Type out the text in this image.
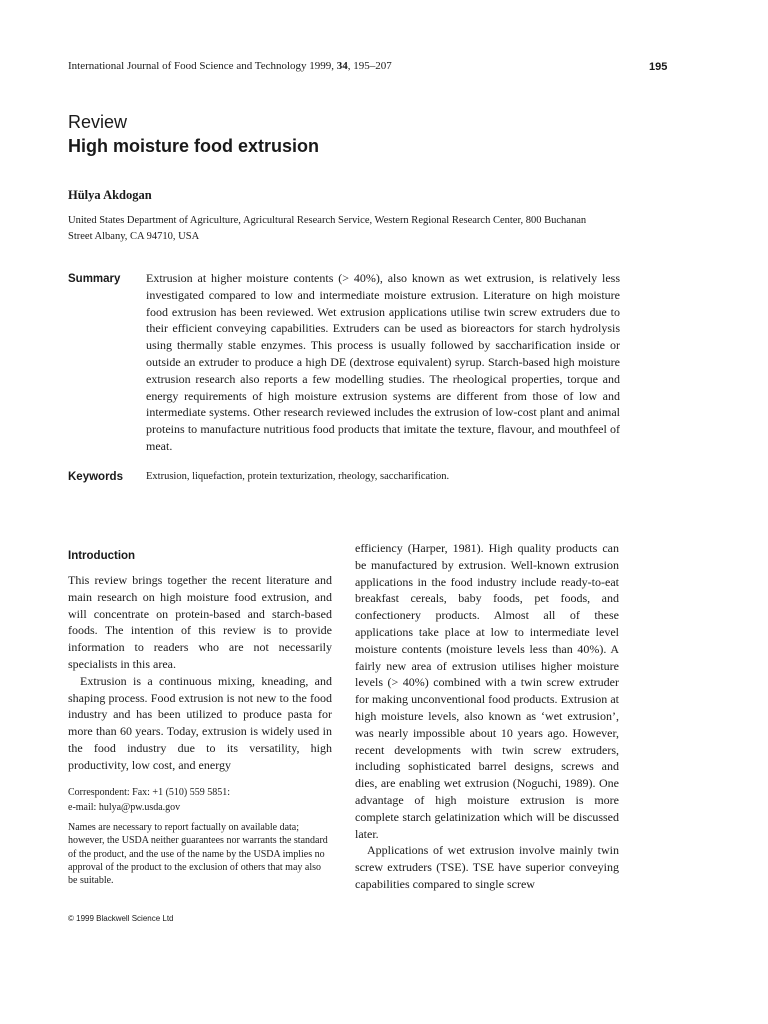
International Journal of Food Science and Technology 1999, 34, 195–207	195
Review
High moisture food extrusion
Hülya Akdogan
United States Department of Agriculture, Agricultural Research Service, Western Regional Research Center, 800 Buchanan Street Albany, CA 94710, USA
Summary Extrusion at higher moisture contents (> 40%), also known as wet extrusion, is relatively less investigated compared to low and intermediate moisture extrusion. Literature on high moisture food extrusion has been reviewed. Wet extrusion applications utilise twin screw extruders due to their efficient conveying capabilities. Extruders can be used as bioreactors for starch hydrolysis using thermally stable enzymes. This process is usually followed by saccharification inside or outside an extruder to produce a high DE (dextrose equivalent) syrup. Starch-based high moisture extrusion research also reports a few modelling studies. The rheological properties, torque and energy requirements of high moisture extrusion systems are different from those of low and intermediate systems. Other research reviewed includes the extrusion of low-cost plant and animal proteins to manufacture nutritious food products that imitate the texture, flavour, and mouthfeel of meat.
Keywords Extrusion, liquefaction, protein texturization, rheology, saccharification.
Introduction

This review brings together the recent literature and main research on high moisture food extrusion, and will concentrate on protein-based and starch-based foods. The intention of this review is to provide information to readers who are not necessarily specialists in this area.

Extrusion is a continuous mixing, kneading, and shaping process. Food extrusion is not new to the food industry and has been utilized to produce pasta for more than 60 years. Today, extrusion is widely used in the food industry due to its versatility, high productivity, low cost, and energy

efficiency (Harper, 1981). High quality products can be manufactured by extrusion. Well-known extrusion applications in the food industry include ready-to-eat breakfast cereals, baby foods, pet foods, and confectionery products. Almost all of these applications take place at low to intermediate level moisture contents (moisture levels less than 40%). A fairly new area of extrusion utilises higher moisture levels (> 40%) combined with a twin screw extruder for making unconventional food products. Extrusion at high moisture levels, also known as ‘wet extrusion’, was nearly impossible about 10 years ago. However, recent developments with twin screw extruders, including sophisticated barrel designs, screws and dies, are enabling wet extrusion (Noguchi, 1989). One advantage of high moisture extrusion is more complete starch gelatinization which will be discussed later.

Applications of wet extrusion involve mainly twin screw extruders (TSE). TSE have superior conveying capabilities compared to single screw

Correspondent: Fax: +1 (510) 559 5851:
e-mail: hulya@pw.usda.gov
Names are necessary to report factually on available data; however, the USDA neither guarantees nor warrants the standard of the product, and the use of the name by the USDA implies no approval of the product to the exclusion of others that may also be suitable.
© 1999 Blackwell Science Ltd
